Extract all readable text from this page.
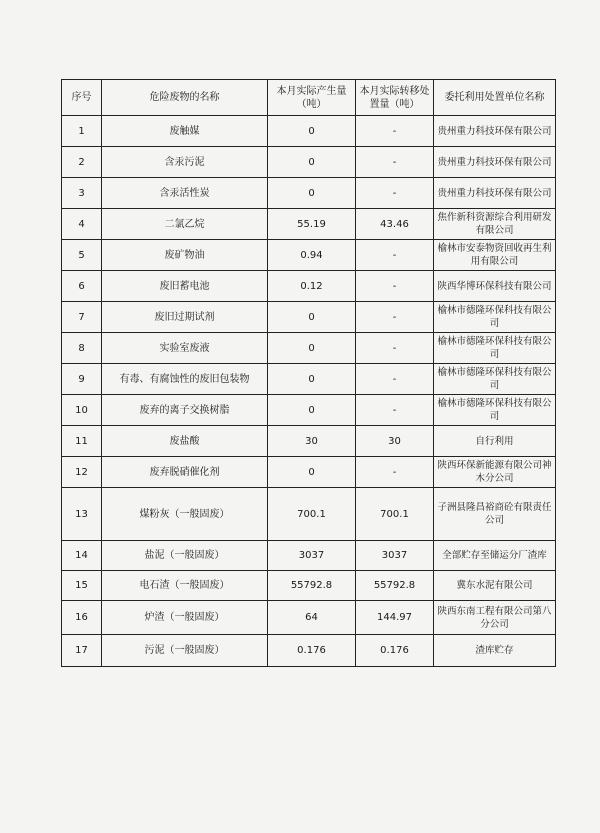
序号	危险废物的名称	本月实际产生量（吨）	本月实际转移处置量（吨）	委托利用处置单位名称
1	废触媒	0	-	贵州重力科技环保有限公司
2	含汞污泥	0	-	贵州重力科技环保有限公司
3	含汞活性炭	0	-	贵州重力科技环保有限公司
4	二氯乙烷	55.19	43.46	焦作新科资源综合利用研发有限公司
5	废矿物油	0.94	-	榆林市安泰物资回收再生利用有限公司
6	废旧蓄电池	0.12	-	陕西华博环保科技有限公司
7	废旧过期试剂	0	-	榆林市德隆环保科技有限公司
8	实验室废液	0	-	榆林市德隆环保科技有限公司
9	有毒、有腐蚀性的废旧包装物	0	-	榆林市德隆环保科技有限公司
10	废弃的离子交换树脂	0	-	榆林市德隆环保科技有限公司
11	废盐酸	30	30	自行利用
12	废弃脱硝催化剂	0	-	陕西环保新能源有限公司神木分公司
13	煤粉灰（一般固废）	700.1	700.1	子洲县隆昌裕商砼有限责任公司
14	盐泥（一般固废）	3037	3037	全部贮存至储运分厂渣库
15	电石渣（一般固废）	55792.8	55792.8	冀东水泥有限公司
16	炉渣（一般固废）	64	144.97	陕西东南工程有限公司第八分公司
17	污泥（一般固废）	0.176	0.176	渣库贮存
